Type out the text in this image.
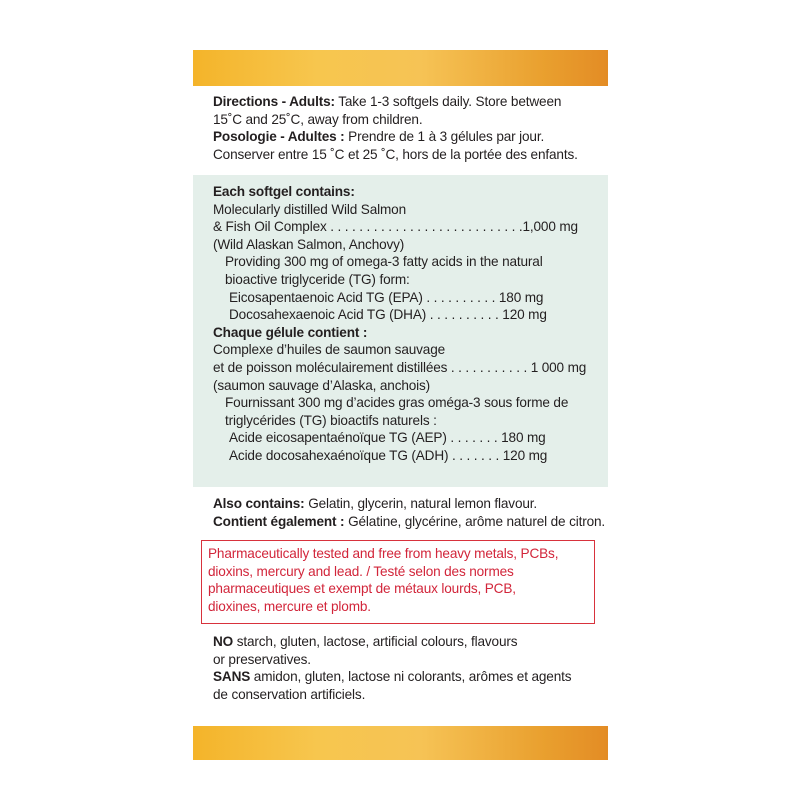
Directions - Adults: Take 1-3 softgels daily. Store between

15˚C and 25˚C, away from children.

Posologie - Adultes : Prendre de 1 à 3 gélules par jour.

Conserver entre 15 ˚C et 25 ˚C, hors de la portée des enfants.

Each softgel contains:

Molecularly distilled Wild Salmon

& Fish Oil Complex . . . . . . . . . . . . . . . . . . . . . . . . . . .1,000 mg

(Wild Alaskan Salmon, Anchovy)

Providing 300 mg of omega-3 fatty acids in the natural

bioactive triglyceride (TG) form:

Eicosapentaenoic Acid TG (EPA) . . . . . . . . . . 180 mg

Docosahexaenoic Acid TG (DHA) . . . . . . . . . . 120 mg

Chaque gélule contient :

Complexe d’huiles de saumon sauvage

et de poisson moléculairement distillées . . . . . . . . . . . 1 000 mg

(saumon sauvage d’Alaska, anchois)

Fournissant 300 mg d’acides gras oméga-3 sous forme de

triglycérides (TG) bioactifs naturels :

Acide eicosapentaénoïque TG (AEP) . . . . . . . 180 mg

Acide docosahexaénoïque TG (ADH) . . . . . . . 120 mg

Also contains: Gelatin, glycerin, natural lemon flavour.

Contient également : Gélatine, glycérine, arôme naturel de citron.

Pharmaceutically tested and free from heavy metals, PCBs,

dioxins, mercury and lead. / Testé selon des normes

pharmaceutiques et exempt de métaux lourds, PCB,

dioxines, mercure et plomb.

NO starch, gluten, lactose, artificial colours, flavours

or preservatives.

SANS amidon, gluten, lactose ni colorants, arômes et agents

de conservation artificiels.
